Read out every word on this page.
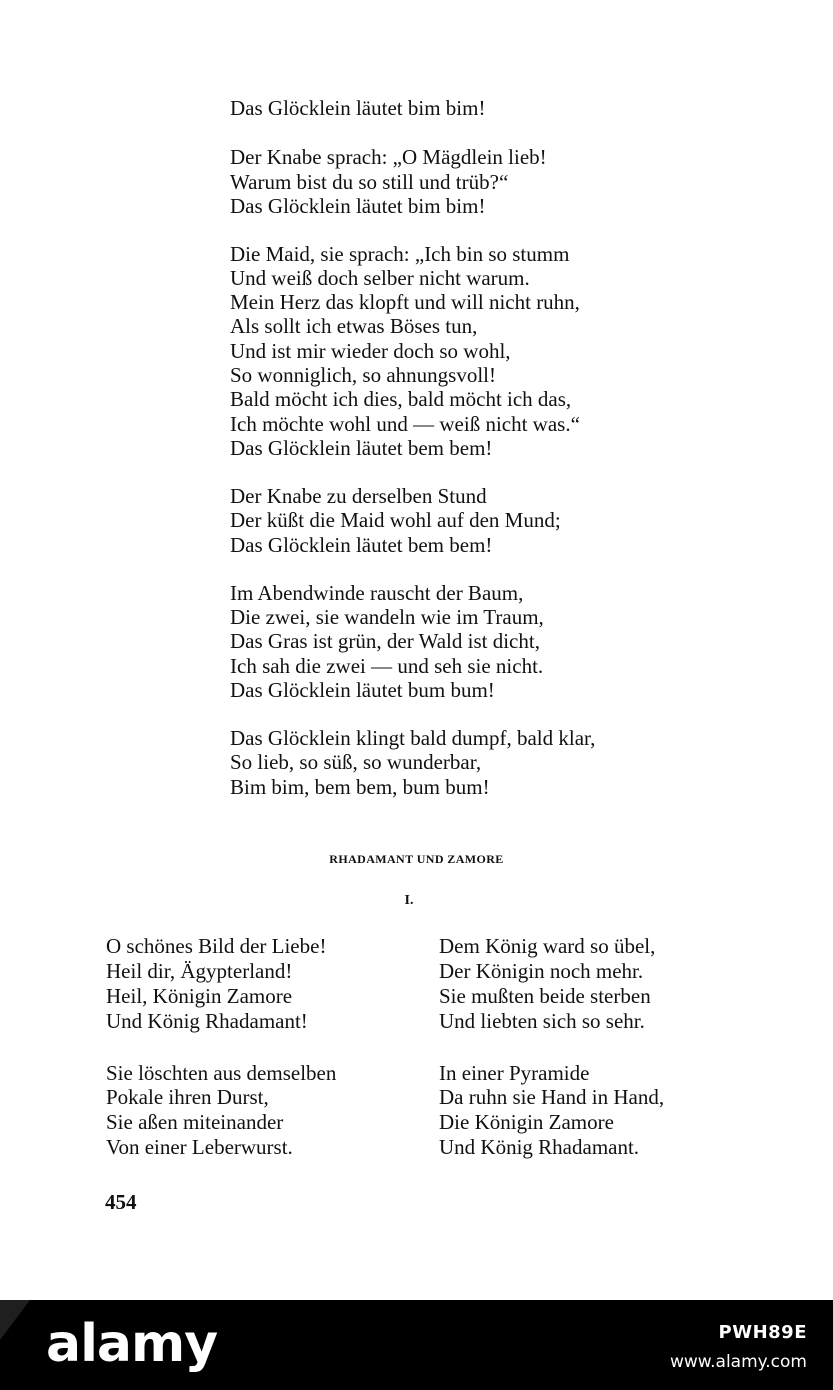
Das Glöcklein läutet bim bim!
Der Knabe sprach: „O Mägdlein lieb!
Warum bist du so still und trüb?“
Das Glöcklein läutet bim bim!
Die Maid, sie sprach: „Ich bin so stumm
Und weiß doch selber nicht warum.
Mein Herz das klopft und will nicht ruhn,
Als sollt ich etwas Böses tun,
Und ist mir wieder doch so wohl,
So wonniglich, so ahnungsvoll!
Bald möcht ich dies, bald möcht ich das,
Ich möchte wohl und — weiß nicht was.“
Das Glöcklein läutet bem bem!
Der Knabe zu derselben Stund
Der küßt die Maid wohl auf den Mund;
Das Glöcklein läutet bem bem!
Im Abendwinde rauscht der Baum,
Die zwei, sie wandeln wie im Traum,
Das Gras ist grün, der Wald ist dicht,
Ich sah die zwei — und seh sie nicht.
Das Glöcklein läutet bum bum!
Das Glöcklein klingt bald dumpf, bald klar,
So lieb, so süß, so wunderbar,
Bim bim, bem bem, bum bum!
RHADAMANT UND ZAMORE
I.
O schönes Bild der Liebe!
Heil dir, Ägypterland!
Heil, Königin Zamore
Und König Rhadamant!
Sie löschten aus demselben
Pokale ihren Durst,
Sie aßen miteinander
Von einer Leberwurst.
Dem König ward so übel,
Der Königin noch mehr.
Sie mußten beide sterben
Und liebten sich so sehr.
In einer Pyramide
Da ruhn sie Hand in Hand,
Die Königin Zamore
Und König Rhadamant.
454
alamy	PWH89E
www.alamy.com
